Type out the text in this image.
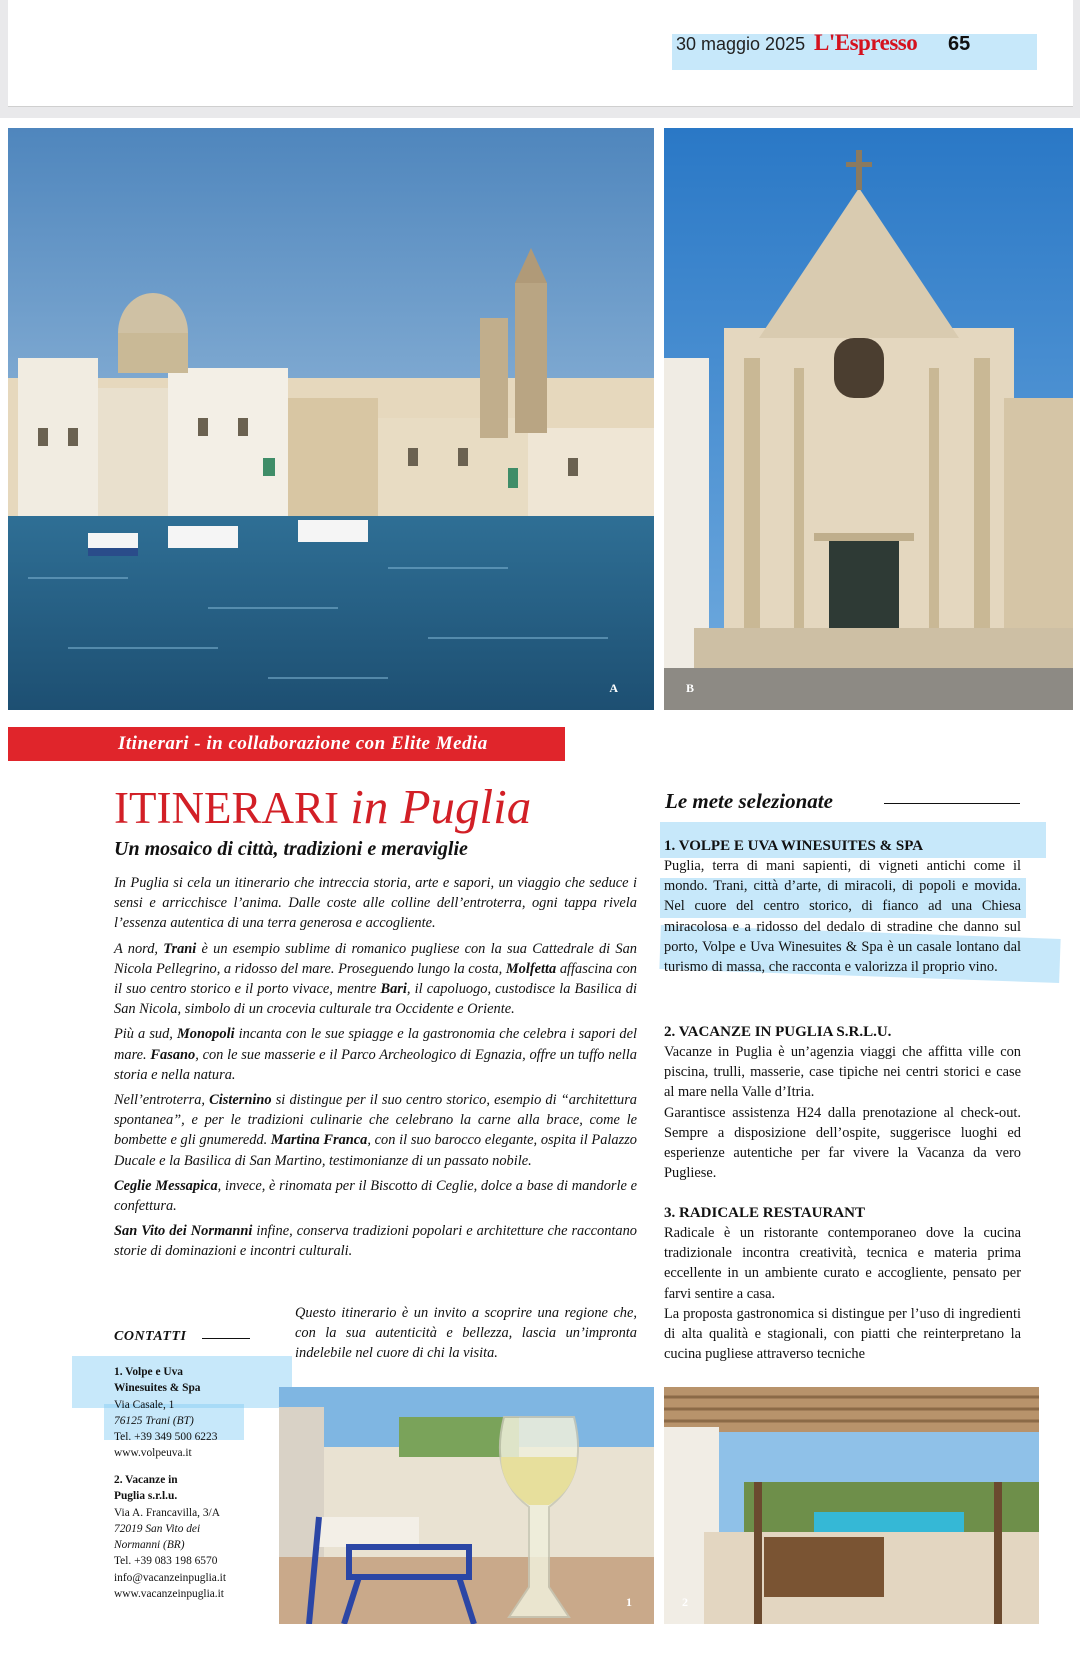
30 maggio 2025 L'Espresso 65
A	B
Itinerari - in collaborazione con Elite Media
ITINERARI in Puglia
Un mosaico di città, tradizioni e meraviglie

In Puglia si cela un itinerario che intreccia storia, arte e sapori, un viaggio che seduce i sensi e arricchisce l’anima. Dalle coste alle colline dell’entroterra, ogni tappa rivela l’essenza autentica di una terra generosa e accogliente.

A nord, Trani è un esempio sublime di romanico pugliese con la sua Cattedrale di San Nicola Pellegrino, a ridosso del mare. Proseguendo lungo la costa, Molfetta affascina con il suo centro storico e il porto vivace, mentre Bari, il capoluogo, custodisce la Basilica di San Nicola, simbolo di un crocevia culturale tra Occidente e Oriente.

Più a sud, Monopoli incanta con le sue spiagge e la gastronomia che celebra i sapori del mare. Fasano, con le sue masserie e il Parco Archeologico di Egnazia, offre un tuffo nella storia e nella natura.

Nell’entroterra, Cisternino si distingue per il suo centro storico, esempio di “architettura spontanea”, e per le tradizioni culinarie che celebrano la carne alla brace, come le bombette e gli gnumeredd. Martina Franca, con il suo barocco elegante, ospita il Palazzo Ducale e la Basilica di San Martino, testimonianze di un passato nobile.

Ceglie Messapica, invece, è rinomata per il Biscotto di Ceglie, dolce a base di mandorle e confettura.

San Vito dei Normanni infine, conserva tradizioni popolari e architetture che raccontano storie di dominazioni e incontri culturali.

Questo itinerario è un invito a scoprire una regione che, con la sua autenticità e bellezza, lascia un’impronta indelebile nel cuore di chi la visita.
CONTATTI
1. Volpe e Uva
Winesuites & Spa
Via Casale, 1
76125 Trani (BT)
Tel. +39 349 500 6223
www.volpeuva.it
2. Vacanze in
Puglia s.r.l.u.
Via A. Francavilla, 3/A
72019 San Vito dei
Normanni (BR)
Tel. +39 083 198 6570
info@vacanzeinpuglia.it
www.vacanzeinpuglia.it
1	2
Le mete selezionate
1. VOLPE E UVA WINESUITES & SPA

Puglia, terra di mani sapienti, di vigneti antichi come il mondo. Trani, città d’arte, di miracoli, di popoli e movida. Nel cuore del centro storico, di fianco ad una Chiesa miracolosa e a ridosso del dedalo di stradine che danno sul porto, Volpe e Uva Winesuites & Spa è un casale lontano dal turismo di massa, che racconta e valorizza il proprio vino.

2. VACANZE IN PUGLIA S.R.L.U.

Vacanze in Puglia è un’agenzia viaggi che affitta ville con piscina, trulli, masserie, case tipiche nei centri storici e case al mare nella Valle d’Itria.

Garantisce assistenza H24 dalla prenotazione al check-out. Sempre a disposizione dell’ospite, suggerisce luoghi ed esperienze autentiche per far vivere la Vacanza da vero Pugliese.

3. RADICALE RESTAURANT

Radicale è un ristorante contemporaneo dove la cucina tradizionale incontra creatività, tecnica e materia prima eccellente in un ambiente curato e accogliente, pensato per farvi sentire a casa.

La proposta gastronomica si distingue per l’uso di ingredienti di alta qualità e stagionali, con piatti che reinterpretano la cucina pugliese attraverso tecniche
